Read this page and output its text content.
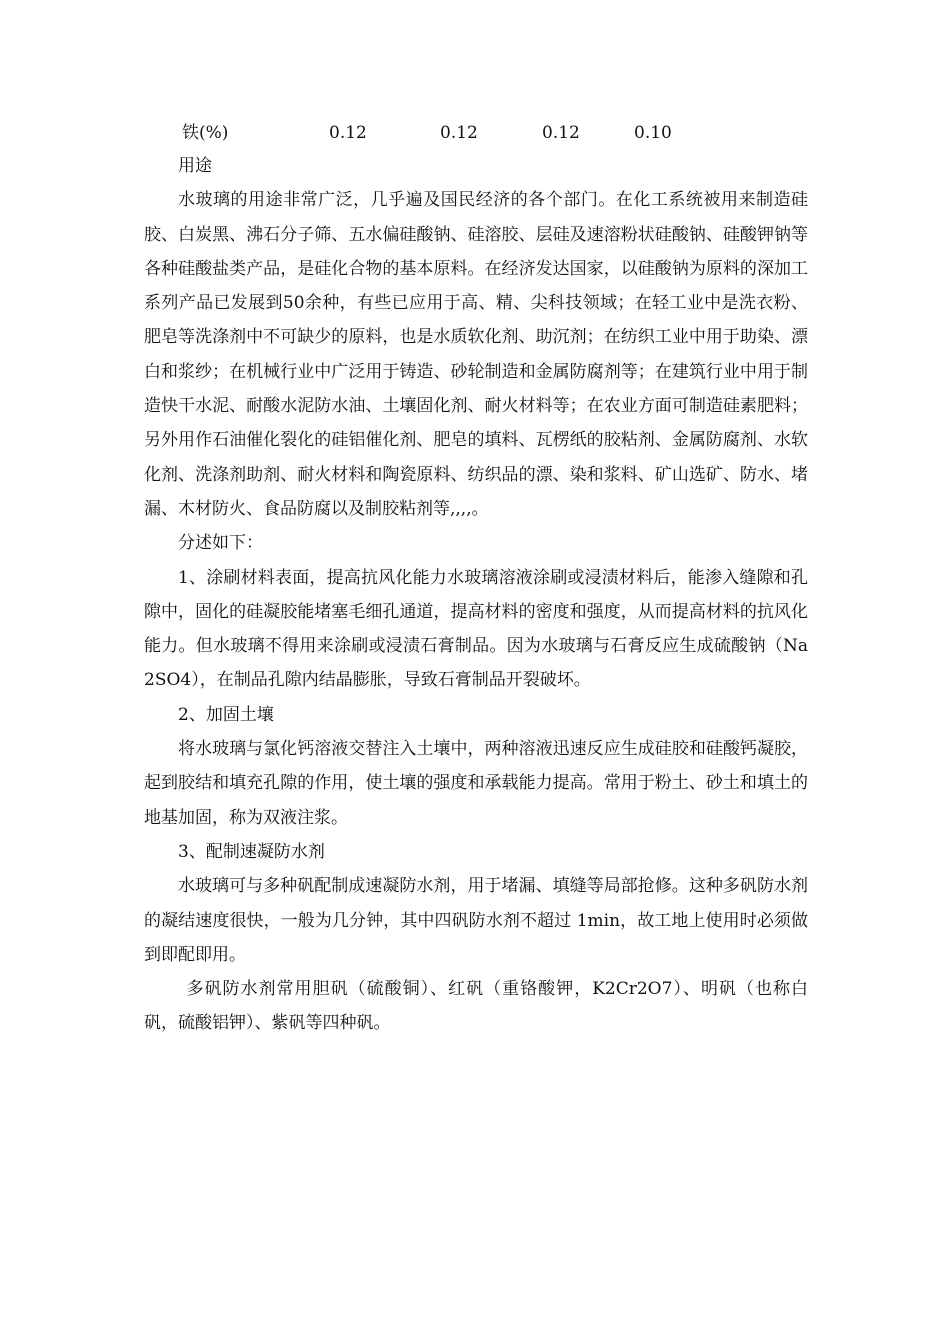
铁(%)	0.12	0.12	0.12	0.10

用途

水玻璃的用途非常广泛，几乎遍及国民经济的各个部门。在化工系统被用来制造硅胶、白炭黑、沸石分子筛、五水偏硅酸钠、硅溶胶、层硅及速溶粉状硅酸钠、硅酸钾钠等各种硅酸盐类产品，是硅化合物的基本原料。在经济发达国家，以硅酸钠为原料的深加工系列产品已发展到50余种，有些已应用于高、精、尖科技领域；在轻工业中是洗衣粉、肥皂等洗涤剂中不可缺少的原料，也是水质软化剂、助沉剂；在纺织工业中用于助染、漂白和浆纱；在机械行业中广泛用于铸造、砂轮制造和金属防腐剂等；在建筑行业中用于制造快干水泥、耐酸水泥防水油、土壤固化剂、耐火材料等；在农业方面可制造硅素肥料；另外用作石油催化裂化的硅铝催化剂、肥皂的填料、瓦楞纸的胶粘剂、金属防腐剂、水软化剂、洗涤剂助剂、耐火材料和陶瓷原料、纺织品的漂、染和浆料、矿山选矿、防水、堵漏、木材防火、食品防腐以及制胶粘剂等,,,,。

分述如下：

1、涂刷材料表面，提高抗风化能力水玻璃溶液涂刷或浸渍材料后，能渗入缝隙和孔隙中，固化的硅凝胶能堵塞毛细孔通道，提高材料的密度和强度，从而提高材料的抗风化能力。但水玻璃不得用来涂刷或浸渍石膏制品。因为水玻璃与石膏反应生成硫酸钠（Na2SO4），在制品孔隙内结晶膨胀，导致石膏制品开裂破坏。

2、加固土壤

将水玻璃与氯化钙溶液交替注入土壤中，两种溶液迅速反应生成硅胶和硅酸钙凝胶，起到胶结和填充孔隙的作用，使土壤的强度和承载能力提高。常用于粉土、砂土和填土的地基加固，称为双液注浆。

3、配制速凝防水剂

水玻璃可与多种矾配制成速凝防水剂，用于堵漏、填缝等局部抢修。这种多矾防水剂的凝结速度很快，一般为几分钟，其中四矾防水剂不超过 1min，故工地上使用时必须做到即配即用。

多矾防水剂常用胆矾（硫酸铜）、红矾（重铬酸钾，K2Cr2O7）、明矾（也称白矾，硫酸铝钾）、紫矾等四种矾。
